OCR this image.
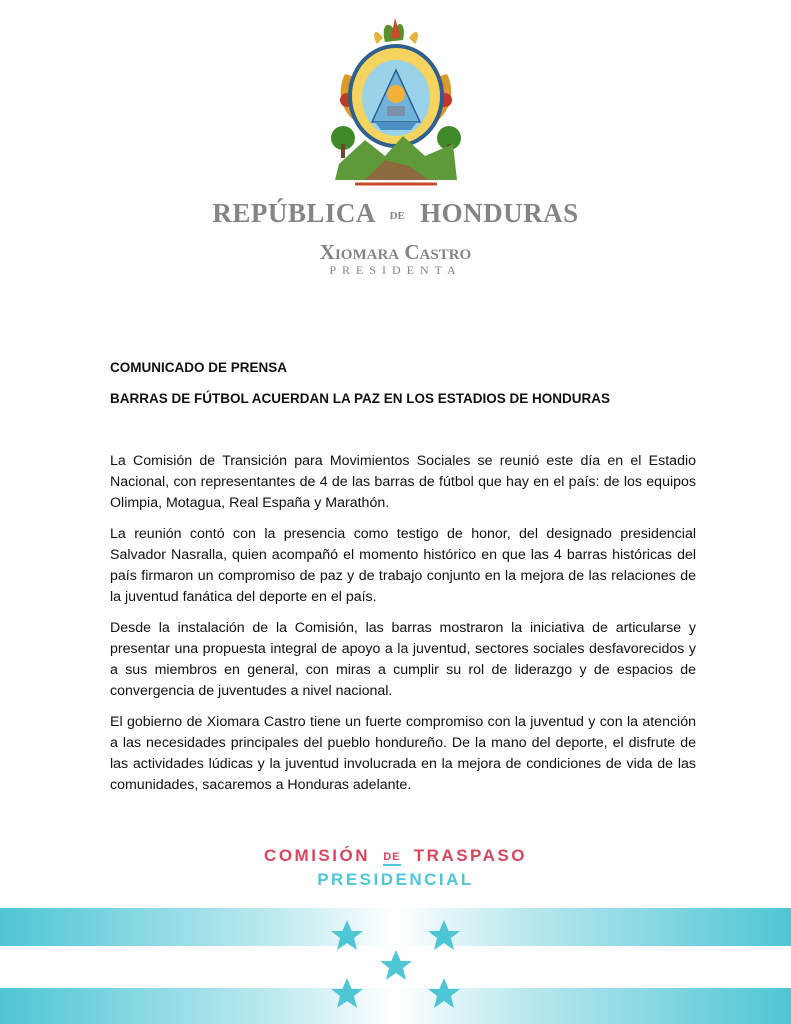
REPÚBLICA DE HONDURAS
Xiomara Castro
PRESIDENTA
COMUNICADO DE PRENSA
BARRAS DE FÚTBOL ACUERDAN LA PAZ EN LOS ESTADIOS DE HONDURAS

La Comisión de Transición para Movimientos Sociales se reunió este día en el Estadio Nacional, con representantes de 4 de las barras de fútbol que hay en el país: de los equipos Olimpia, Motagua, Real España y Marathón.

La reunión contó con la presencia como testigo de honor, del designado presidencial Salvador Nasralla, quien acompañó el momento histórico en que las 4 barras históricas del país firmaron un compromiso de paz y de trabajo conjunto en la mejora de las relaciones de la juventud fanática del deporte en el país.

Desde la instalación de la Comisión, las barras mostraron la iniciativa de articularse y presentar una propuesta integral de apoyo a la juventud, sectores sociales desfavorecidos y a sus miembros en general, con miras a cumplir su rol de liderazgo y de espacios de convergencia de juventudes a nivel nacional.

El gobierno de Xiomara Castro tiene un fuerte compromiso con la juventud y con la atención a las necesidades principales del pueblo hondureño. De la mano del deporte, el disfrute de las actividades lúdicas y la juventud involucrada en la mejora de condiciones de vida de las comunidades, sacaremos a Honduras adelante.

COMISIÓN DE TRASPASO
PRESIDENCIAL
